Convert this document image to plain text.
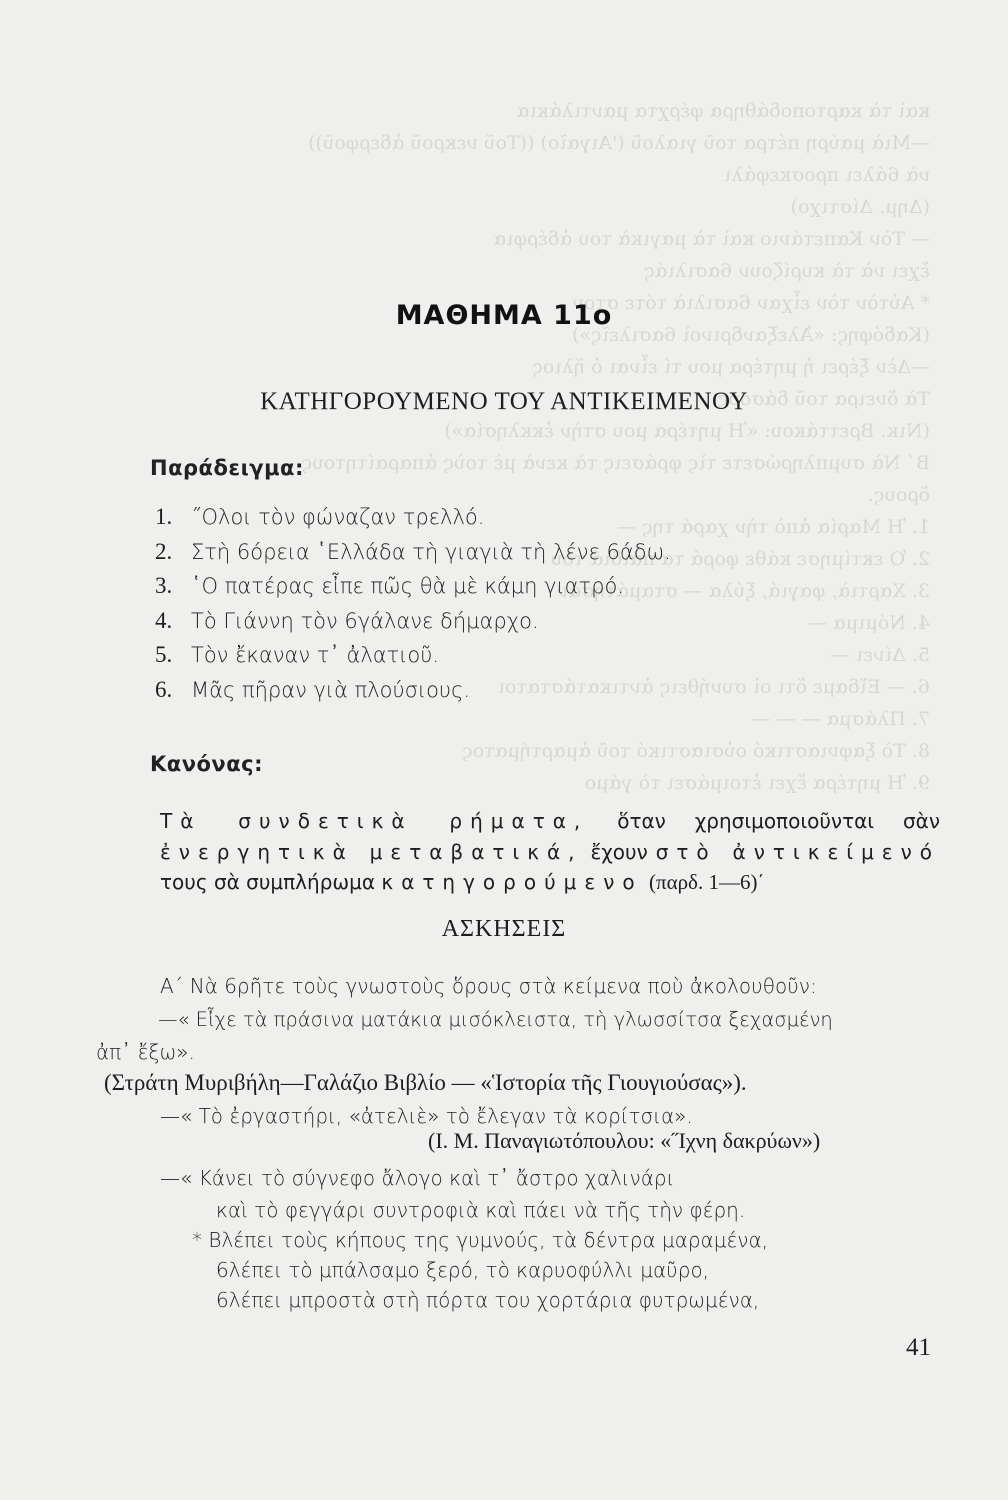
καὶ τὰ καρτοποδάθηρα φέρχτα μαντιλάκια
—Μιὰ μαύρη πέτρα τοῦ γιαλοῦ ('Αιγαῖο) ((Τοῦ νεκροῦ ἀδερφοῦ))
νὰ 6άλει προσκεφάλι
(Δημ. Δίστιχο)
— Τὸν Καπετάνιο καὶ τὰ μαγικὰ του ἀδέρφια
ἔχει νὰ τὰ κυρίζουν 6ασιλιάς
* Αὐτὸν τὸν εἶχαν 6ασιλιὰ τότε στον
(Καδόφης: «Ἀλεξανδρινοὶ 6ασιλεῖς»)
—Δὲν ξέρει ἡ μητέρα μου τί εἶναι ὁ ἥλιος
Τὰ ὄνειρα τοῦ δάσους
(Νικ. Βρεττάκου: «Ἡ μητέρα μου στὴν ἐκκλησία»)
Β΄ Νὰ συμπληρώσετε τὶς φράσεις τὰ κενὰ μὲ τοὺς ἀπαραίτητους
ὅρους.
1. Ἡ Μαρία ἀπὸ τὴν χαρά της —
2. Ὁ εκτίμησε κάθε φορά τα παιδιά του
3. Χαρτιὰ, φαγιά, ξύλα — σταμάτησαν
4. Νόμιμα —
5. Δίνει —
6. — Εἴδαμε ὅτι οἱ συνήθεις ἀντικατάστατοι
7. Πλάσμα — — —
8. Τὸ ξαφνιαστικό οὐσιαστικό τοῦ ἁμαρτήματος
9. Ἡ μητέρα ἔχει ἐτοιμάσει τὸ γάμο
ΜΑΘΗΜΑ 11ο
ΚΑΤΗΓΟΡΟΥΜΕΝΟ ΤΟΥ ΑΝΤΙΚΕΙΜΕΝΟΥ
Παράδειγμα:
1. ˝Ολοι τὸν φώναζαν τρελλό.
2. Στὴ 6όρεια ῾Ελλάδα τὴ γιαγιὰ τὴ λένε 6άδω.
3. ῾Ο πατέρας εἶπε πῶς θὰ μὲ κάμη γιατρό.
4. Τὸ Γιάννη τὸν 6γάλανε δήμαρχο.
5. Τὸν ἔκαναν τ᾽ ἀλατιοῦ.
6. Μᾶς πῆραν γιὰ πλούσιους.
Κανόνας:
Τὰ συνδετικὰ ρήματα, ὅταν χρησιμοποιοῦνται σὰν
ἐνεργητικὰ μεταβατικά, ἔχουν στὸ ἀντικείμενό
τους σὰ συμπλήρωμα κατηγορούμενο (παρδ. 1—6)΄
ΑΣΚΗΣΕΙΣ
Α΄ Νὰ 6ρῆτε τοὺς γνωστοὺς ὅρους στὰ κείμενα ποὺ ἀκολουθοῦν:
—« Εἶχε τὰ πράσινα ματάκια μισόκλειστα, τὴ γλωσσίτσα ξεχασμένη
ἀπ᾽ ἔξω».
(Στράτη Μυριβήλη—Γαλάζιο Βιβλίο — «Ἱστορία τῆς Γιουγιούσας»).
—« Τὸ ἐργαστήρι, «ἀτελιὲ» τὸ ἔλεγαν τὰ κορίτσια».
(Ι. Μ. Παναγιωτόπουλου: «˝Ιχνη δακρύων»)
—« Κάνει τὸ σύγνεφο ἄλογο καὶ τ᾽ ἄστρο χαλινάρι
καὶ τὸ φεγγάρι συντροφιὰ καὶ πάει νὰ τῆς τὴν φέρη.
* Βλέπει τοὺς κήπους της γυμνούς, τὰ δέντρα μαραμένα,
6λέπει τὸ μπάλσαμο ξερό, τὸ καρυοφύλλι μαῦρο,
6λέπει μπροστὰ στὴ πόρτα του χορτάρια φυτρωμένα,
41
